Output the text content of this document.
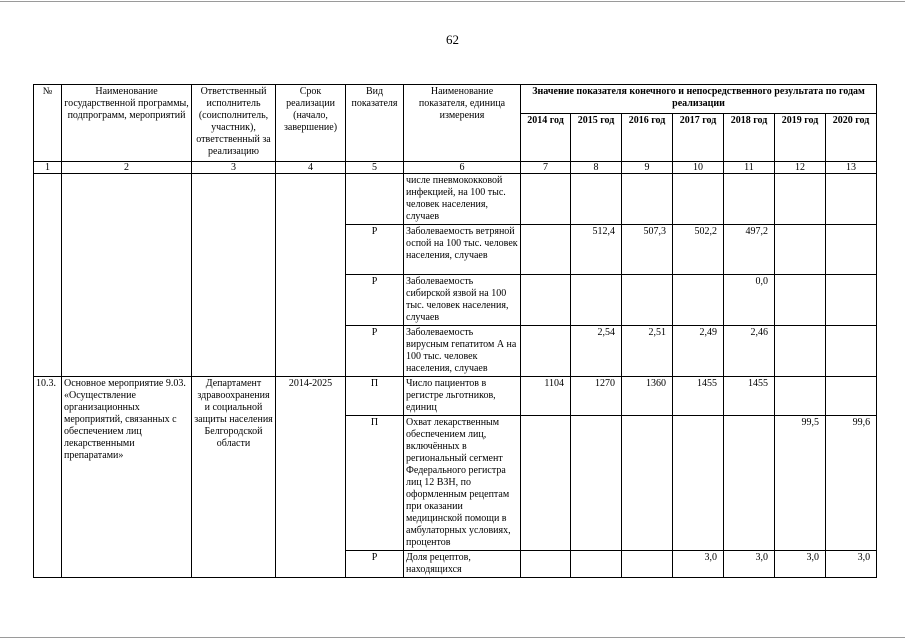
62
№	Наименование государственной программы, подпрограмм, мероприятий	Ответственный исполнитель (соисполнитель, участник), ответственный за реализацию	Срок реализации (начало, завершение)	Вид показателя	Наименование показателя, единица измерения	Значение показателя конечного и непосредственного результата по годам реализации						
						2014 год	2015 год	2016 год	2017 год	2018 год	2019 год	2020 год
1	2	3	4	5	6	7	8	9	10	11	12	13
					числе пневмококковой инфекцией, на 100 тыс. человек населения, случаев							
				Р	Заболеваемость ветряной оспой на 100 тыс. человек населения, случаев		512,4	507,3	502,2	497,2		
				Р	Заболеваемость сибирской язвой на 100 тыс. человек населения, случаев					0,0		
				Р	Заболеваемость вирусным гепатитом А на 100 тыс. человек населения, случаев		2,54	2,51	2,49	2,46		
10.3.	Основное мероприятие 9.03. «Осуществление организационных мероприятий, связанных с обеспечением лиц лекарственными препаратами»	Департамент здравоохранения и социальной защиты населения Белгородской области	2014-2025	П	Число пациентов в регистре льготников, единиц	1104	1270	1360	1455	1455		
				П	Охват лекарственным обеспечением лиц, включённых в региональный сегмент Федерального регистра лиц 12 ВЗН, по оформленным рецептам при оказании медицинской помощи в амбулаторных условиях, процентов						99,5	99,6
				Р	Доля рецептов, находящихся				3,0	3,0	3,0	3,0
